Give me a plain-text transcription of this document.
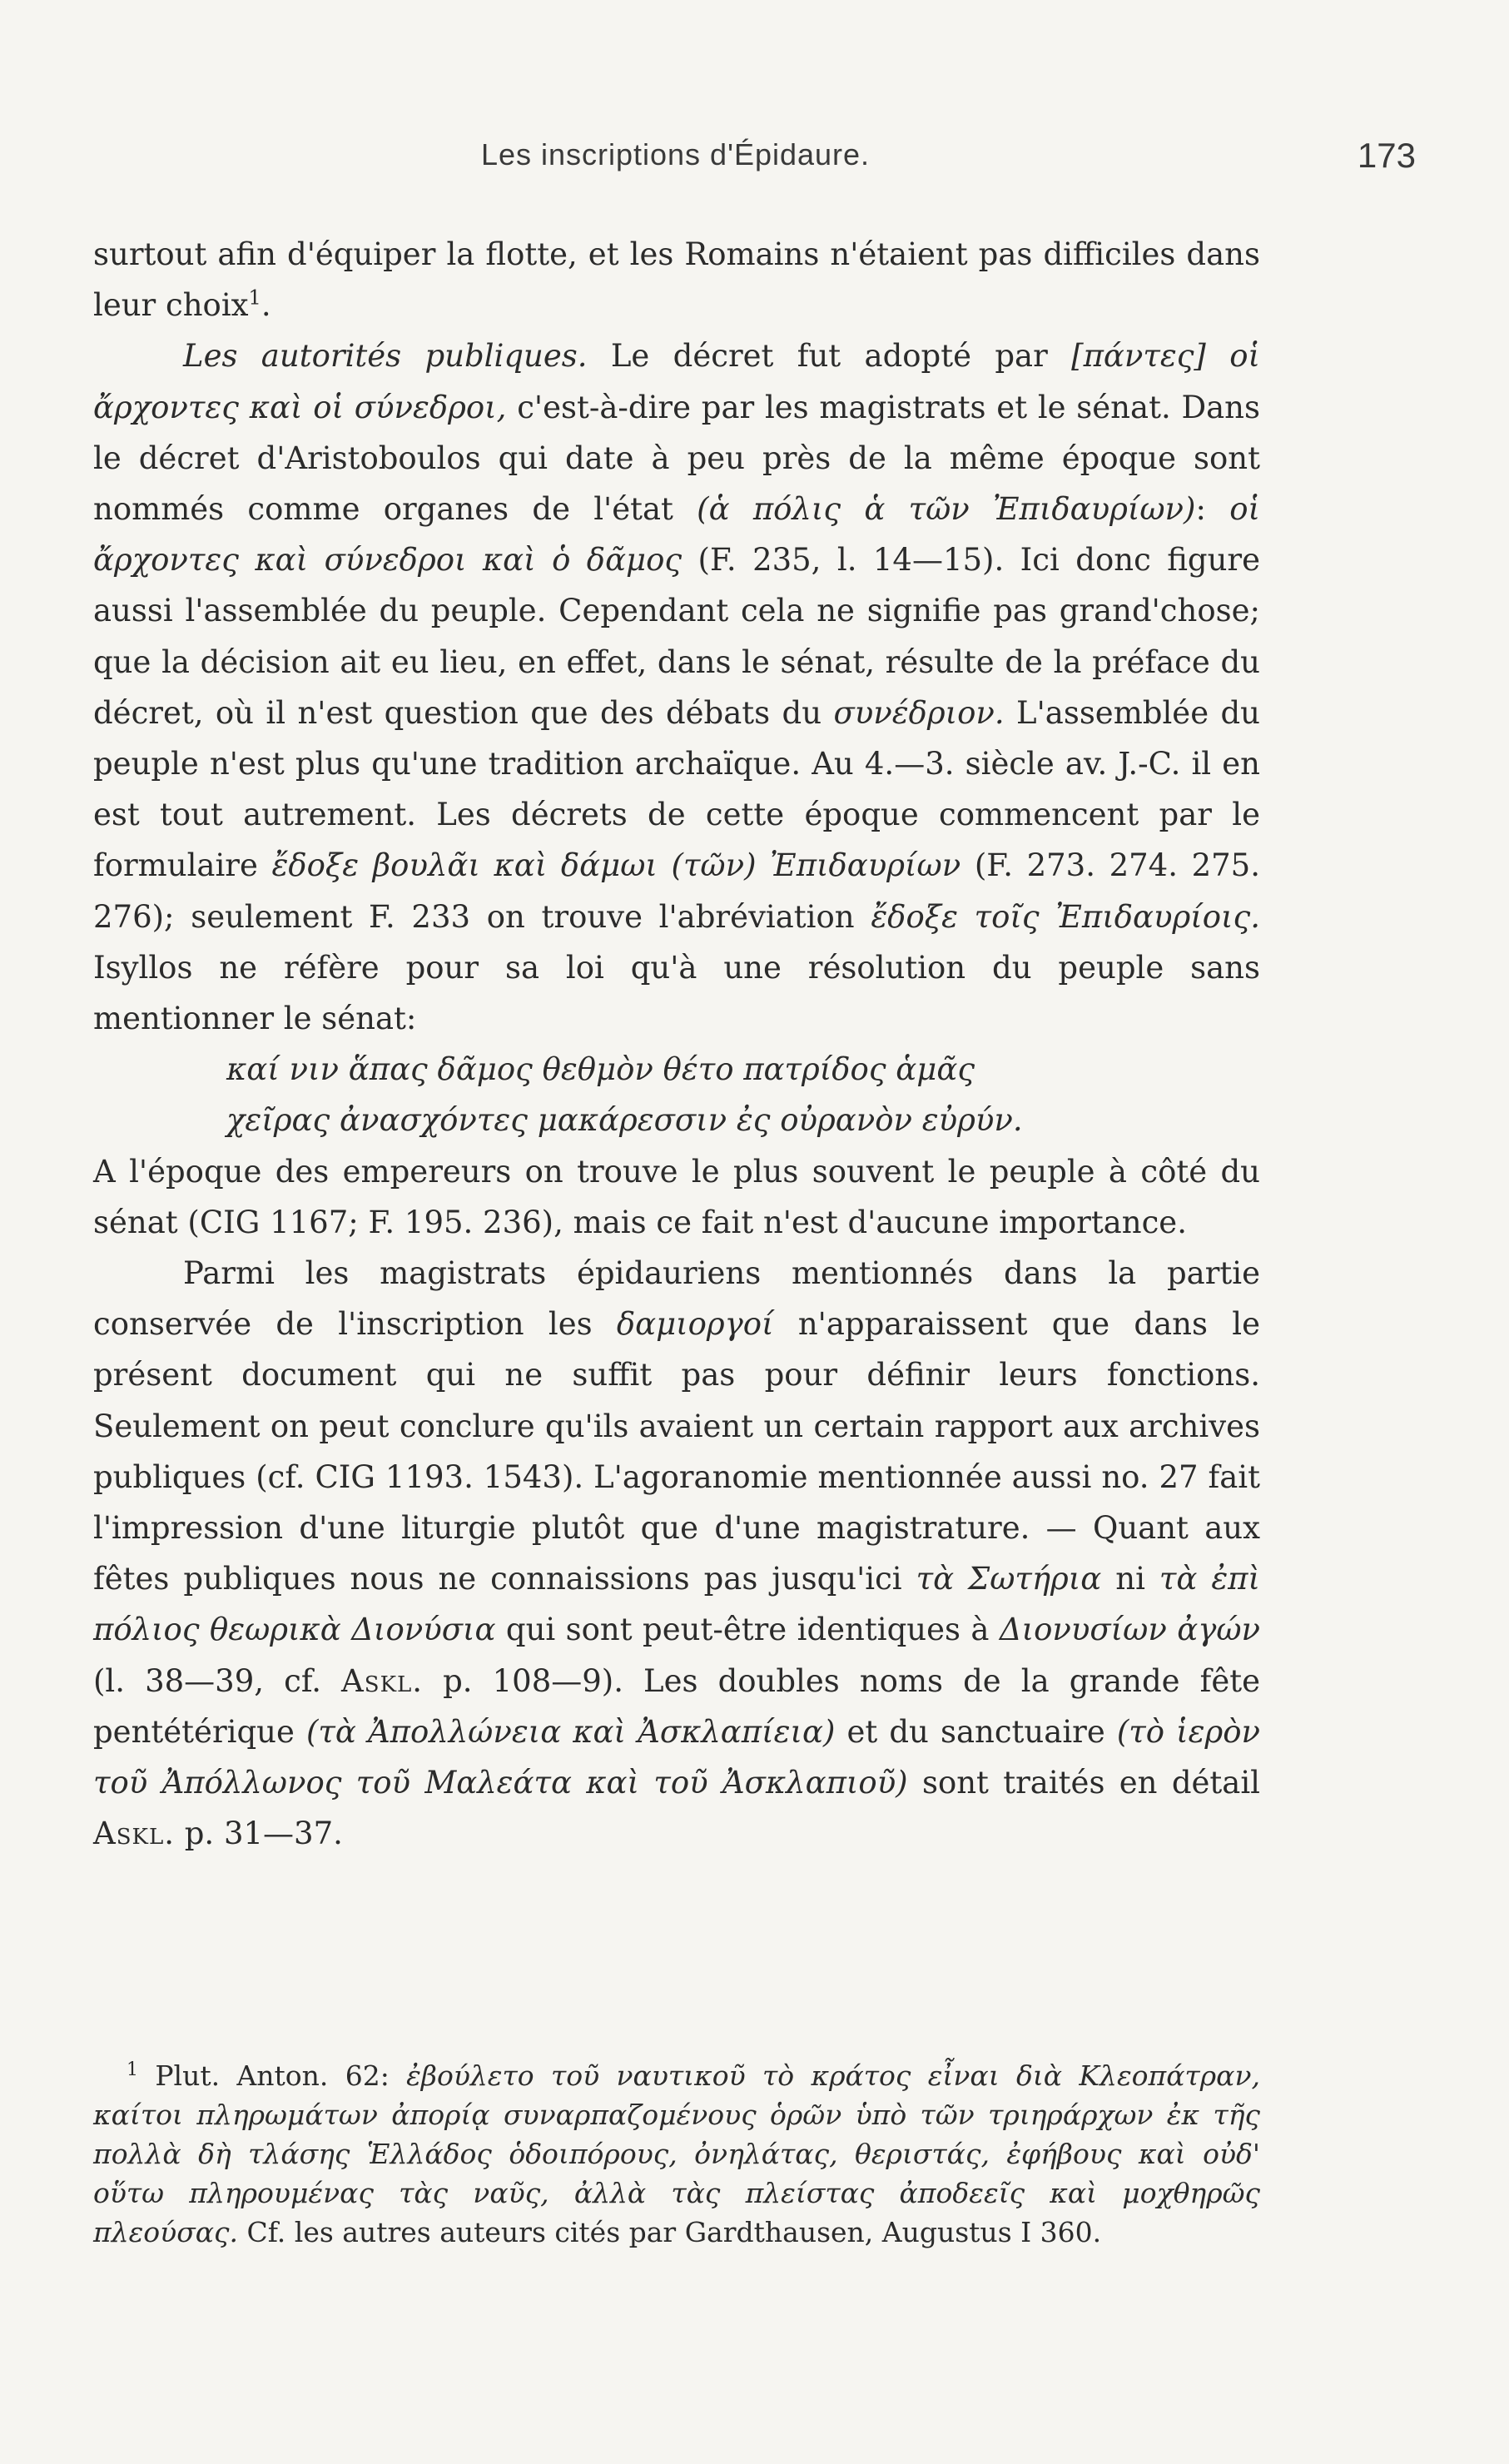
Les inscriptions d'Épidaure.	173

surtout afin d'équiper la flotte, et les Romains n'étaient pas difficiles dans leur choix$^1$.

Les autorités publiques. Le décret fut adopté par [πάντες] οἱ ἄρχοντες καὶ οἱ σύνεδροι, c'est-à-dire par les magistrats et le sénat. Dans le décret d'Aristoboulos qui date à peu près de la même époque sont nommés comme organes de l'état (ἁ πόλις ἁ τῶν Ἐπιδαυρίων): οἱ ἄρχοντες καὶ σύνεδροι καὶ ὁ δᾶμος (F. 235, l. 14—15). Ici donc figure aussi l'assemblée du peuple. Cependant cela ne signifie pas grand'chose; que la décision ait eu lieu, en effet, dans le sénat, résulte de la préface du décret, où il n'est question que des débats du συνέδριον. L'assemblée du peuple n'est plus qu'une tradition archaïque. Au 4.—3. siècle av. J.-C. il en est tout autrement. Les décrets de cette époque commencent par le formulaire ἔδοξε βουλᾶι καὶ δάμωι (τῶν) Ἐπιδαυρίων (F. 273. 274. 275. 276); seulement F. 233 on trouve l'abréviation ἔδοξε τοῖς Ἐπιδαυρίοις. Isyllos ne réfère pour sa loi qu'à une résolution du peuple sans mentionner le sénat:

καί νιν ἅπας δᾶμος θεθμὸν θέτο πατρίδος ἁμᾶς
χεῖρας ἀνασχόντες μακάρεσσιν ἐς οὐρανὸν εὐρύν.

A l'époque des empereurs on trouve le plus souvent le peuple à côté du sénat (CIG 1167; F. 195. 236), mais ce fait n'est d'aucune importance.

Parmi les magistrats épidauriens mentionnés dans la partie conservée de l'inscription les δαμιοργοί n'apparaissent que dans le présent document qui ne suffit pas pour définir leurs fonctions. Seulement on peut conclure qu'ils avaient un certain rapport aux archives publiques (cf. CIG 1193. 1543). L'agoranomie mentionnée aussi no. 27 fait l'impression d'une liturgie plutôt que d'une magistrature. — Quant aux fêtes publiques nous ne connaissions pas jusqu'ici τὰ Σωτήρια ni τὰ ἐπὶ πόλιος θεωρικὰ Διονύσια qui sont peut-être identiques à Διονυσίων ἀγών (l. 38—39, cf. Askl. p. 108—9). Les doubles noms de la grande fête pentétérique (τὰ Ἀπολλώνεια καὶ Ἀσκλαπίεια) et du sanctuaire (τὸ ἱερὸν τοῦ Ἀπόλλωνος τοῦ Μαλεάτα καὶ τοῦ Ἀσκλαπιοῦ) sont traités en détail Askl. p. 31—37.

$^1$ Plut. Anton. 62: ἐβούλετο τοῦ ναυτικοῦ τὸ κράτος εἶναι διὰ Κλεοπάτραν, καίτοι πληρωμάτων ἀπορίᾳ συναρπαζομένους ὁρῶν ὑπὸ τῶν τριηράρχων ἐκ τῆς πολλὰ δὴ τλάσης Ἑλλάδος ὁδοιπόρους, ὀνηλάτας, θεριστάς, ἐφήβους καὶ οὐδ' οὕτω πληρουμένας τὰς ναῦς, ἀλλὰ τὰς πλείστας ἀποδεεῖς καὶ μοχθηρῶς πλεούσας. Cf. les autres auteurs cités par Gardthausen, Augustus I 360.
